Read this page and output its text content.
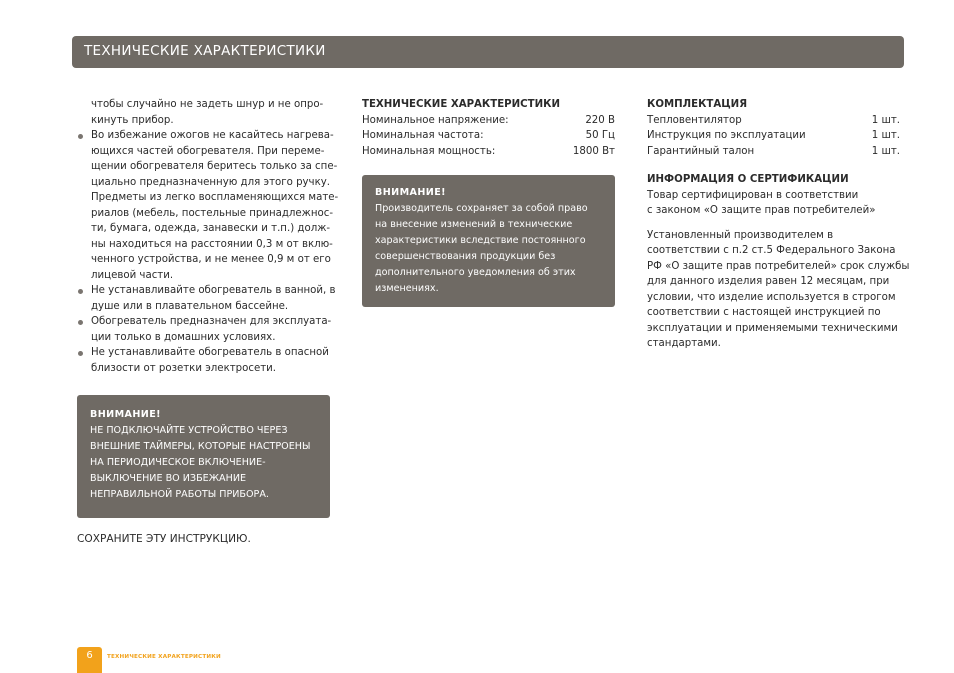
ТЕХНИЧЕСКИЕ ХАРАКТЕРИСТИКИ

чтобы случайно не задеть шнур и не опро-
кинуть прибор.

Во избежание ожогов не касайтесь нагрева-
ющихся частей обогревателя. При переме-
щении обогревателя беритесь только за спе-
циально предназначенную для этого ручку.
Предметы из легко воспламеняющихся мате-
риалов (мебель, постельные принадлежнос-
ти, бумага, одежда, занавески и т.п.) долж-
ны находиться на расстоянии 0,3 м от вклю-
ченного устройства, и не менее 0,9 м от его
лицевой части.
Не устанавливайте обогреватель в ванной, в
душе или в плавательном бассейне.
Обогреватель предназначен для эксплуата-
ции только в домашних условиях.
Не устанавливайте обогреватель в опасной
близости от розетки электросети.
ВНИМАНИЕ!
НЕ ПОДКЛЮЧАЙТЕ УСТРОЙСТВО ЧЕРЕЗ
ВНЕШНИЕ ТАЙМЕРЫ, КОТОРЫЕ НАСТРОЕНЫ
НА ПЕРИОДИЧЕСКОЕ ВКЛЮЧЕНИЕ-
ВЫКЛЮЧЕНИЕ ВО ИЗБЕЖАНИЕ
НЕПРАВИЛЬНОЙ РАБОТЫ ПРИБОРА.
СОХРАНИТЕ ЭТУ ИНСТРУКЦИЮ.

ТЕХНИЧЕСКИЕ ХАРАКТЕРИСТИКИ

Номинальное напряжение:	220 В
Номинальная частота:	50 Гц
Номинальная мощность:	1800 Вт
ВНИМАНИЕ!
Производитель сохраняет за собой право
на внесение изменений в технические
характеристики вследствие постоянного
совершенствования продукции без
дополнительного уведомления об этих
изменениях.

КОМПЛЕКТАЦИЯ

Тепловентилятор	1 шт.
Инструкция по эксплуатации	1 шт.
Гарантийный талон	1 шт.

ИНФОРМАЦИЯ О СЕРТИФИКАЦИИ

Товар сертифицирован в соответствии
с законом «О защите прав потребителей»

Установленный производителем в
соответствии с п.2 ст.5 Федерального Закона
РФ «О защите прав потребителей» срок службы
для данного изделия равен 12 месяцам, при
условии, что изделие используется в строгом
соответствии с настоящей инструкцией по
эксплуатации и применяемыми техническими
стандартами.

6	ТЕХНИЧЕСКИЕ ХАРАКТЕРИСТИКИ
